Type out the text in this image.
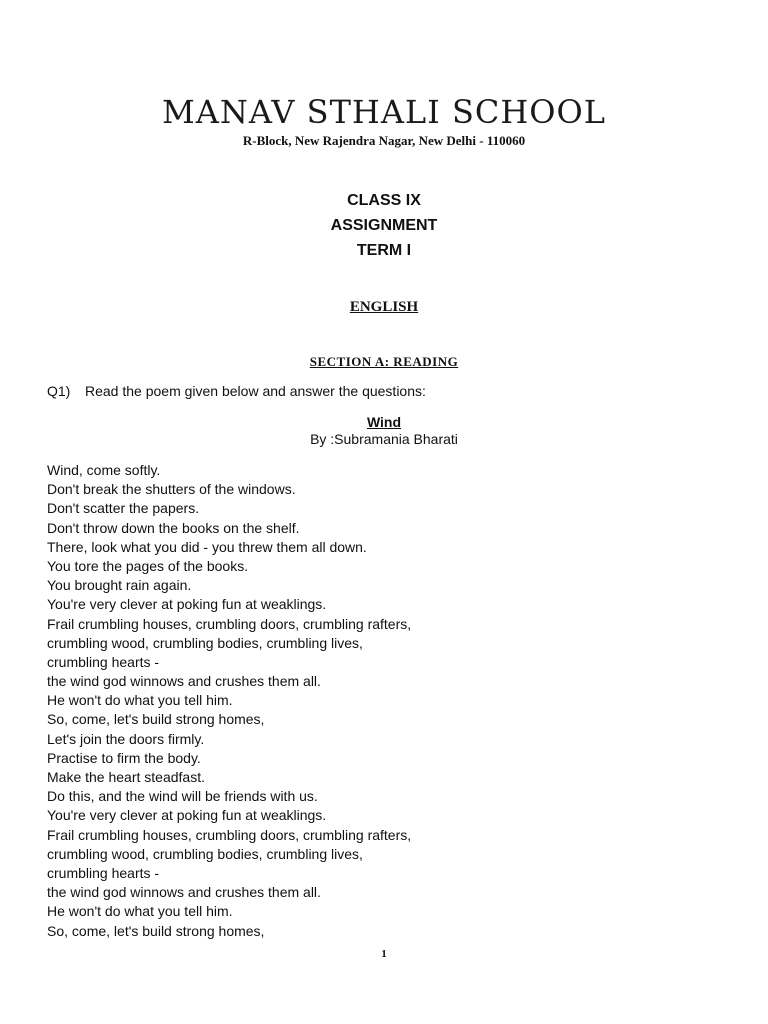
MANAV STHALI SCHOOL
R-Block, New Rajendra Nagar, New Delhi - 110060
CLASS IX
ASSIGNMENT
TERM I
ENGLISH
SECTION A: READING
Q1) Read the poem given below and answer the questions:
Wind
By :Subramania Bharati
Wind, come softly.
Don't break the shutters of the windows.
Don't scatter the papers.
Don't throw down the books on the shelf.
There, look what you did - you threw them all down.
You tore the pages of the books.
You brought rain again.
You're very clever at poking fun at weaklings.
Frail crumbling houses, crumbling doors, crumbling rafters,
crumbling wood, crumbling bodies, crumbling lives,
crumbling hearts -
the wind god winnows and crushes them all.
He won't do what you tell him.
So, come, let's build strong homes,
Let's join the doors firmly.
Practise to firm the body.
Make the heart steadfast.
Do this, and the wind will be friends with us.
You're very clever at poking fun at weaklings.
Frail crumbling houses, crumbling doors, crumbling rafters,
crumbling wood, crumbling bodies, crumbling lives,
crumbling hearts -
the wind god winnows and crushes them all.
He won't do what you tell him.
So, come, let's build strong homes,
1
